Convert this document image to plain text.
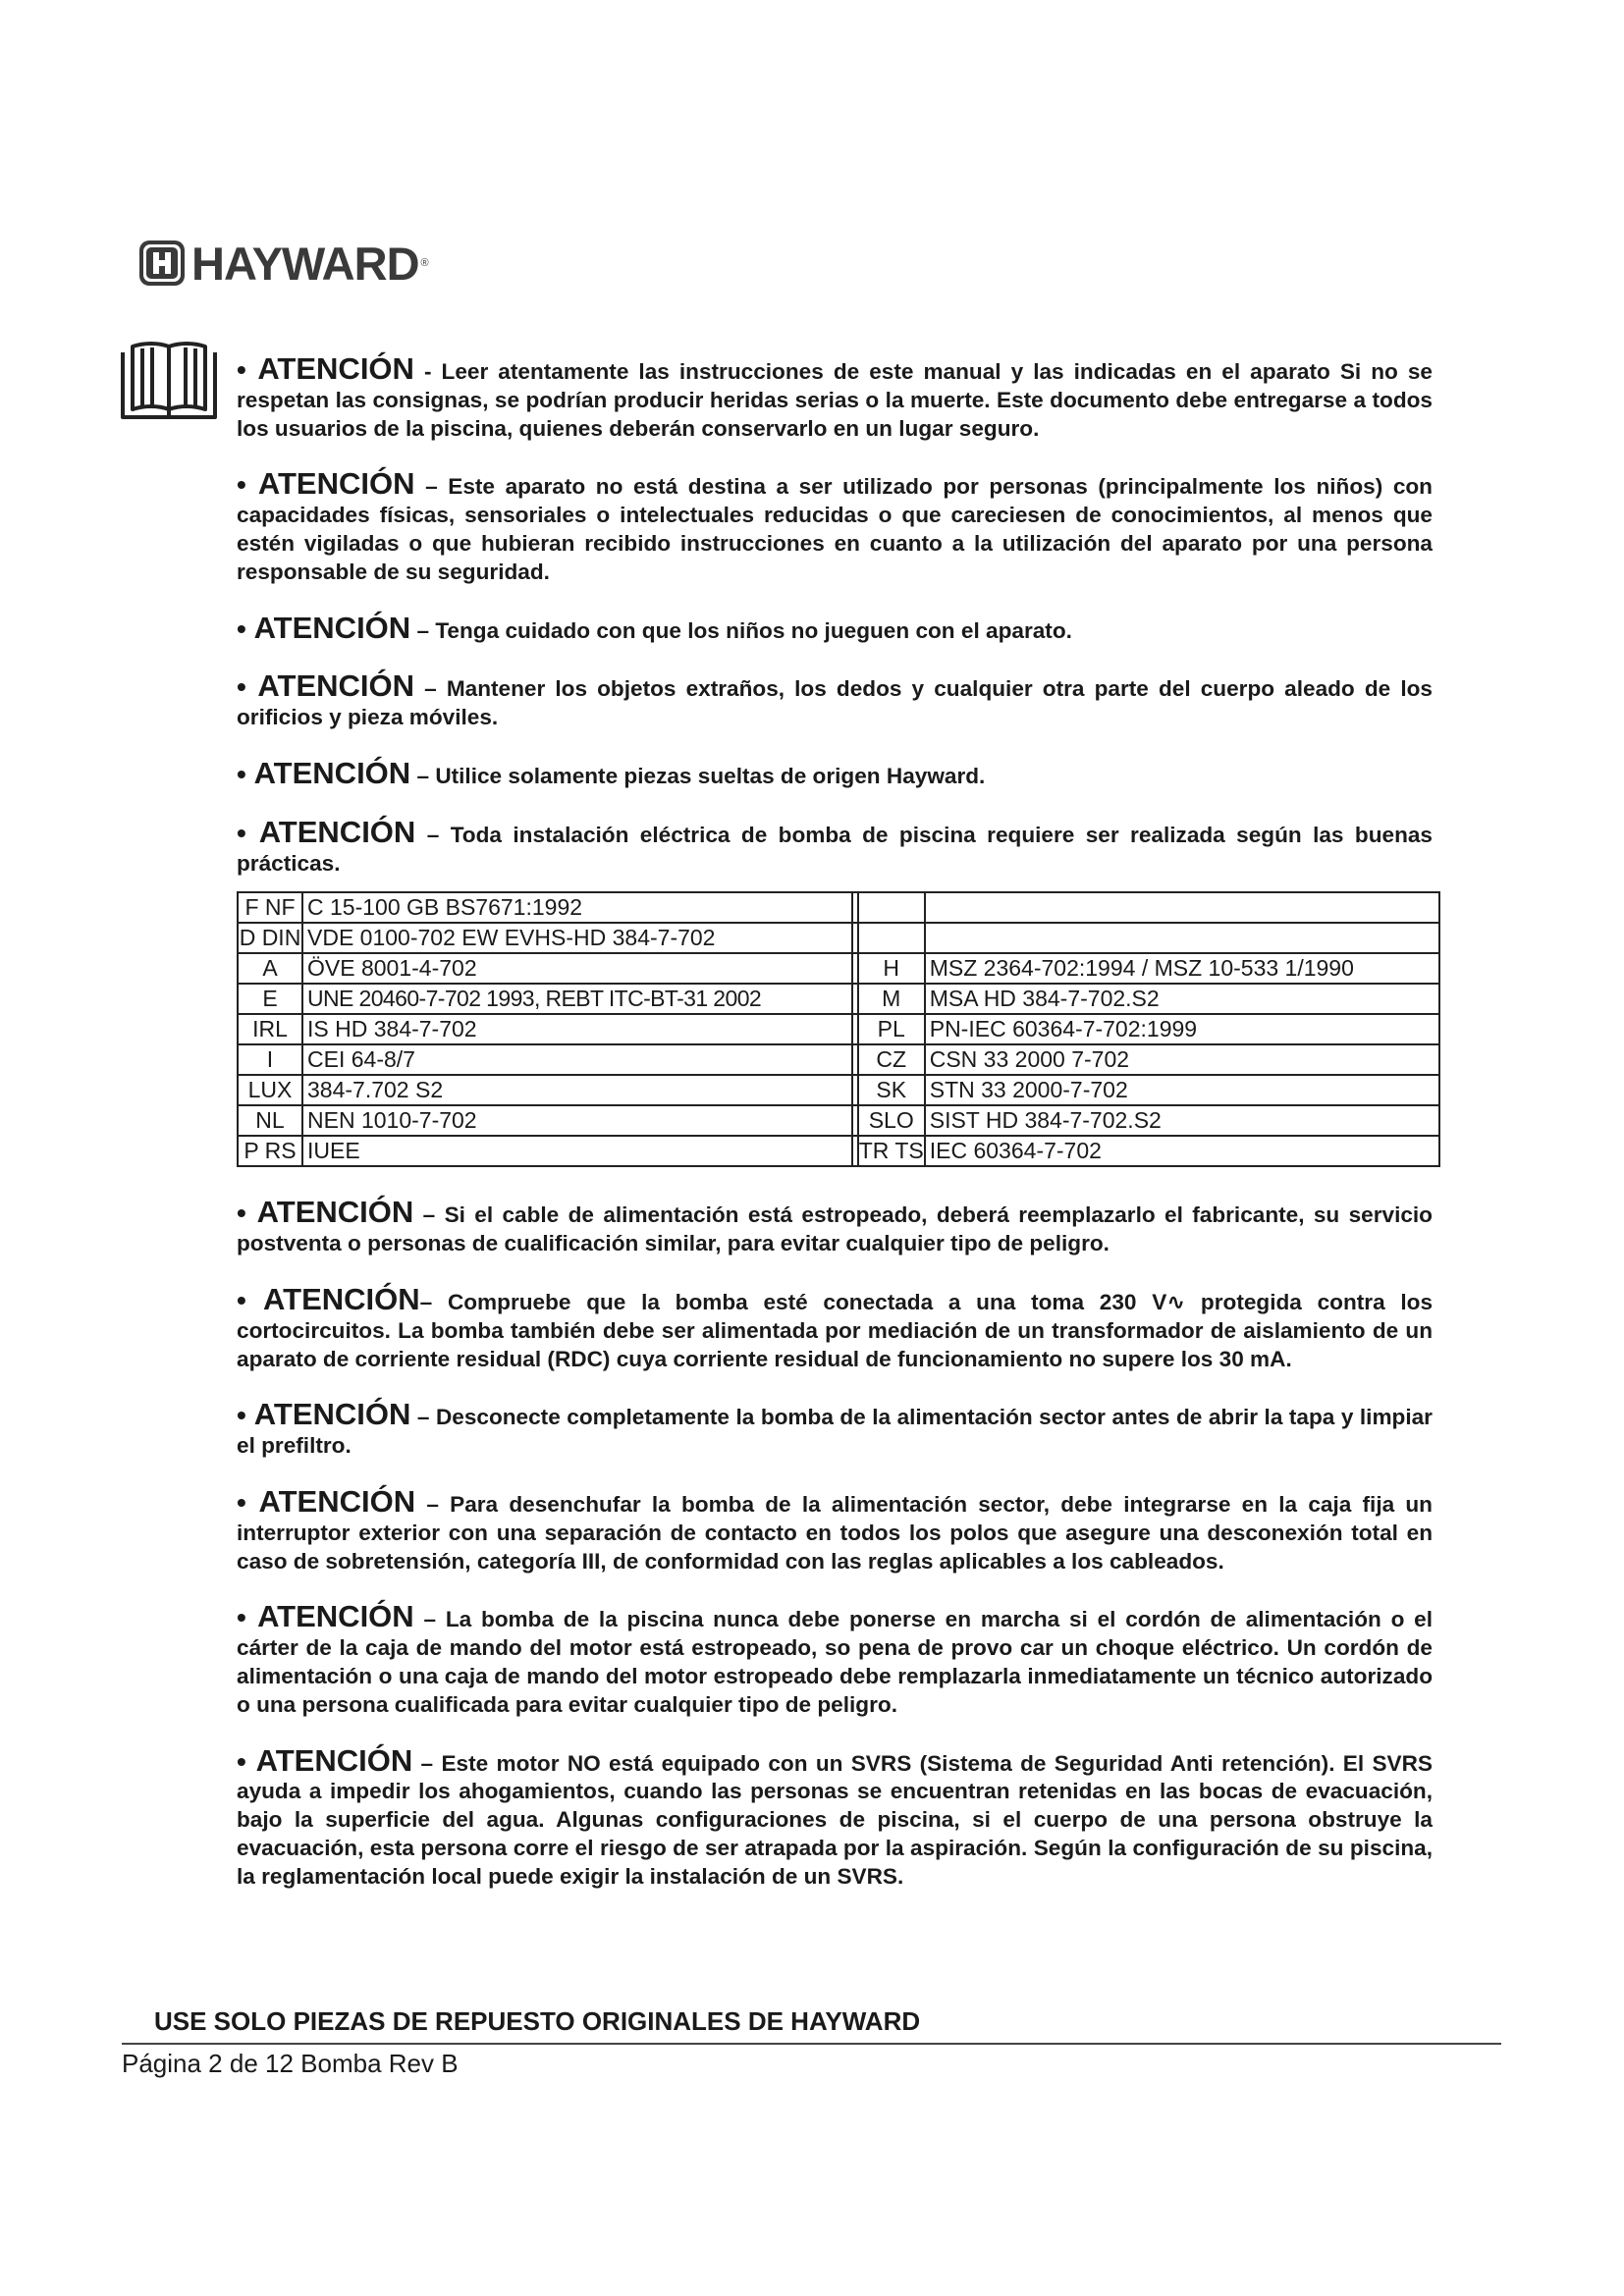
HAYWARD ®

• ATENCIÓN - Leer atentamente las instrucciones de este manual y las indicadas en el aparato Si no se respetan las consignas, se podrían producir heridas serias o la muerte. Este documento debe entregarse a todos los usuarios de la piscina, quienes deberán conservarlo en un lugar seguro.

• ATENCIÓN – Este aparato no está destina a ser utilizado por personas (principalmente los niños) con capacidades físicas, sensoriales o intelectuales reducidas o que careciesen de conocimientos, al menos que estén vigiladas o que hubieran recibido instrucciones en cuanto a la utilización del aparato por una persona responsable de su seguridad.

• ATENCIÓN – Tenga cuidado con que los niños no jueguen con el aparato.

• ATENCIÓN – Mantener los objetos extraños, los dedos y cualquier otra parte del cuerpo aleado de los orificios y pieza móviles.

• ATENCIÓN – Utilice solamente piezas sueltas de origen Hayward.

• ATENCIÓN – Toda instalación eléctrica de bomba de piscina requiere ser realizada según las buenas prácticas.

F NF	C 15-100 GB BS7671:1992			
D DIN	VDE 0100-702 EW EVHS-HD 384-7-702			
A	ÖVE 8001-4-702		H	MSZ 2364-702:1994 / MSZ 10-533 1/1990
E	UNE 20460-7-702 1993, REBT ITC-BT-31 2002		M	MSA HD 384-7-702.S2
IRL	IS HD 384-7-702		PL	PN-IEC 60364-7-702:1999
I	CEI 64-8/7		CZ	CSN 33 2000 7-702
LUX	384-7.702 S2		SK	STN 33 2000-7-702
NL	NEN 1010-7-702		SLO	SIST HD 384-7-702.S2
P RS	IUEE		TR TS	IEC 60364-7-702

• ATENCIÓN – Si el cable de alimentación está estropeado, deberá reemplazarlo el fabricante, su servicio postventa o personas de cualificación similar, para evitar cualquier tipo de peligro.

• ATENCIÓN– Compruebe que la bomba esté conectada a una toma 230 V∿ protegida contra los cortocircuitos. La bomba también debe ser alimentada por mediación de un transformador de aislamiento de un aparato de corriente residual (RDC) cuya corriente residual de funcionamiento no supere los 30 mA.

• ATENCIÓN – Desconecte completamente la bomba de la alimentación sector antes de abrir la tapa y limpiar el prefiltro.

• ATENCIÓN – Para desenchufar la bomba de la alimentación sector, debe integrarse en la caja fija un interruptor exterior con una separación de contacto en todos los polos que asegure una desconexión total en caso de sobretensión, categoría III, de conformidad con las reglas aplicables a los cableados.

• ATENCIÓN – La bomba de la piscina nunca debe ponerse en marcha si el cordón de alimentación o el cárter de la caja de mando del motor está estropeado, so pena de provo car un choque eléctrico. Un cordón de alimentación o una caja de mando del motor estropeado debe remplazarla inmediatamente un técnico autorizado o una persona cualificada para evitar cualquier tipo de peligro.

• ATENCIÓN – Este motor NO está equipado con un SVRS (Sistema de Seguridad Anti retención). El SVRS ayuda a impedir los ahogamientos, cuando las personas se encuentran retenidas en las bocas de evacuación, bajo la superficie del agua. Algunas configuraciones de piscina, si el cuerpo de una persona obstruye la evacuación, esta persona corre el riesgo de ser atrapada por la aspiración. Según la configuración de su piscina, la reglamentación local puede exigir la instalación de un SVRS.

USE SOLO PIEZAS DE REPUESTO ORIGINALES DE HAYWARD
Página 2 de 12 Bomba Rev B
